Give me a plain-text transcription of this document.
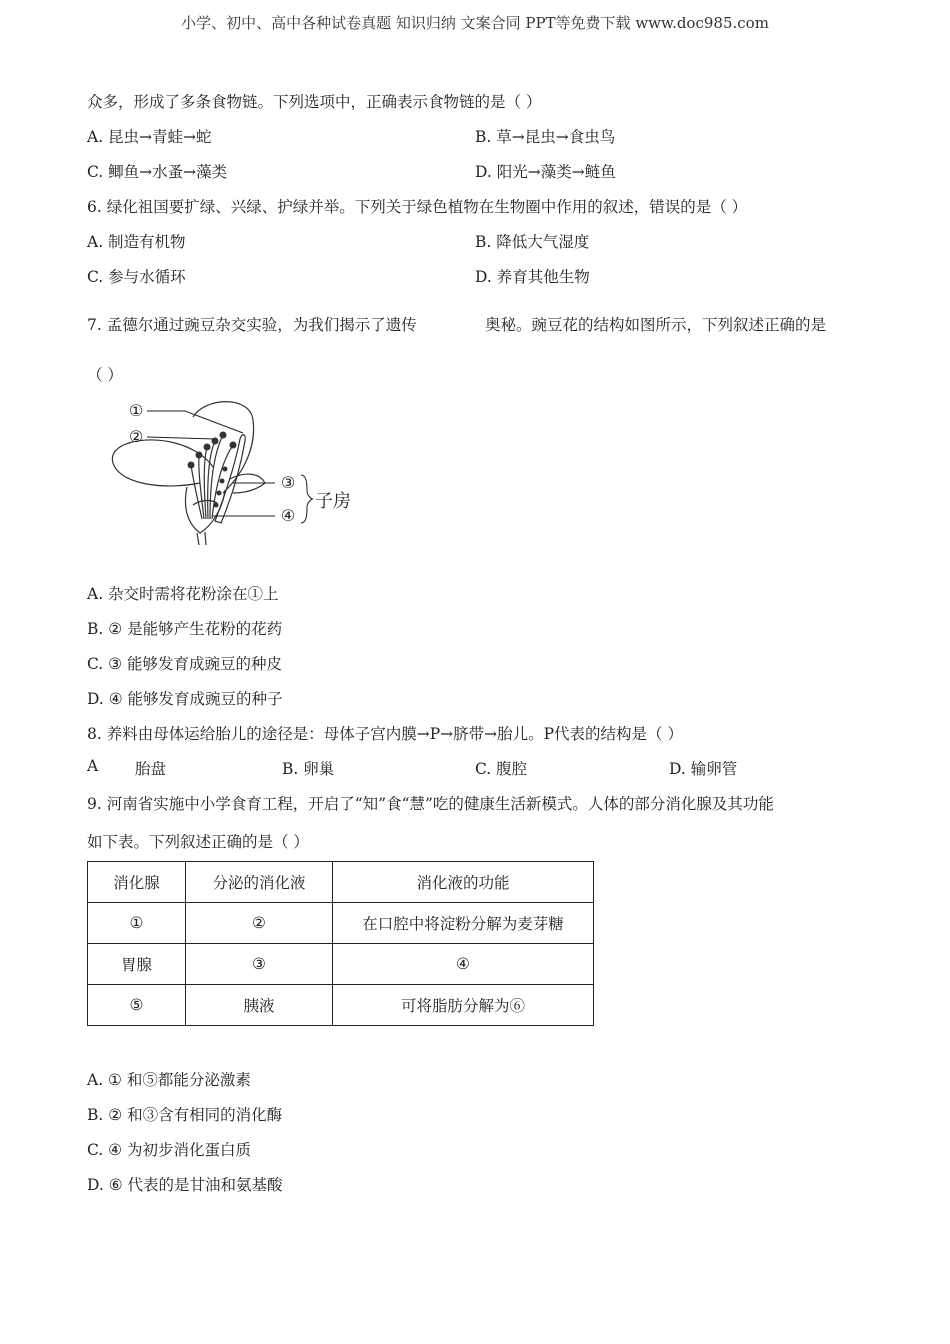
小学、初中、高中各种试卷真题 知识归纳 文案合同 PPT等免费下载 www.doc985.com
众多，形成了多条食物链。下列选项中，正确表示食物链的是（ ）
A. 昆虫→青蛙→蛇	B. 草→昆虫→食虫鸟
C. 鲫鱼→水蚤→藻类	D. 阳光→藻类→鲢鱼
6. 绿化祖国要扩绿、兴绿、护绿并举。下列关于绿色植物在生物圈中作用的叙述，错误的是（ ）
A. 制造有机物	B. 降低大气湿度
C. 参与水循环	D. 养育其他生物
7. 孟德尔通过豌豆杂交实验，为我们揭示了遗传	奥秘。豌豆花的结构如图所示，下列叙述正确的是
（ ）
①
②
③
④
子房
A. 杂交时需将花粉涂在①上
B. ② 是能够产生花粉的花药
C. ③ 能够发育成豌豆的种皮
D. ④ 能够发育成豌豆的种子
8. 养料由母体运给胎儿的途径是：母体子宫内膜→P→脐带→胎儿。P代表的结构是（ ）
A 胎盘	B. 卵巢	C. 腹腔	D. 输卵管
9. 河南省实施中小学食育工程，开启了“知”食“慧”吃的健康生活新模式。人体的部分消化腺及其功能
如下表。下列叙述正确的是（ ）
消化腺	分泌的消化液	消化液的功能
①	②	在口腔中将淀粉分解为麦芽糖
胃腺	③	④
⑤	胰液	可将脂肪分解为⑥
A. ① 和⑤都能分泌激素
B. ② 和③含有相同的消化酶
C. ④ 为初步消化蛋白质
D. ⑥ 代表的是甘油和氨基酸
